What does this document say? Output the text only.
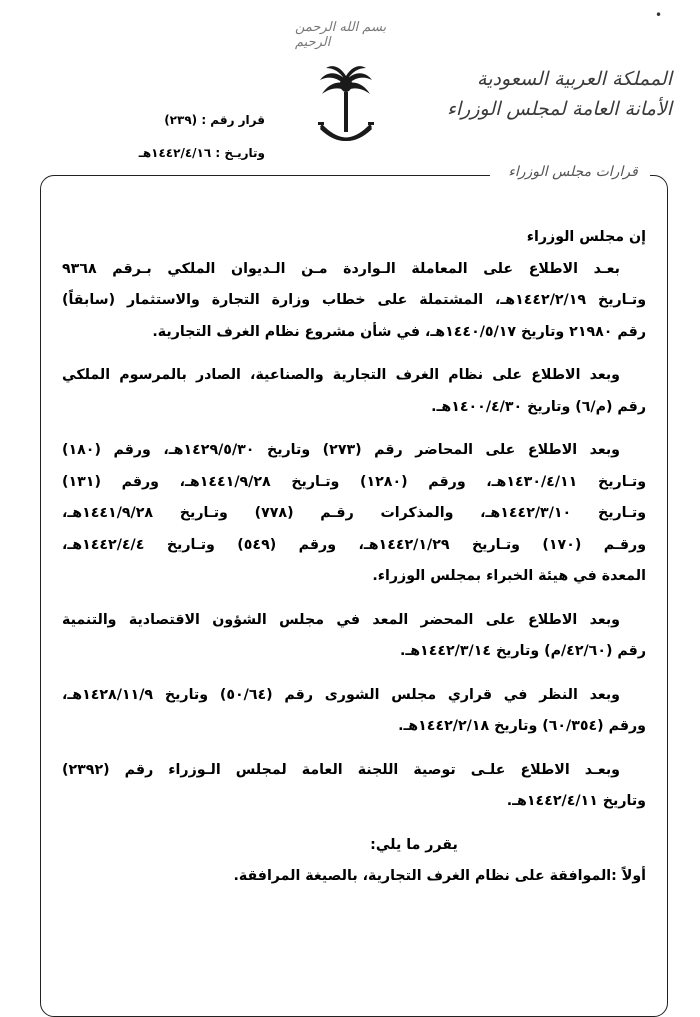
بسم الله الرحمن الرحيم
•
المملكة العربية السعودية
الأمانة العامة لمجلس الوزراء
قرار رقم : (٢٣٩)
وتاريـخ : ١٤٤٢/٤/١٦هـ
قرارات مجلس الوزراء
إن مجلس الوزراء
بعـد الاطلاع على المعاملة الـواردة مـن الـديوان الملكي بـرقم ٩٣٦٨
وتـاريخ ١٤٤٢/٢/١٩هـ، المشتملة على خطاب وزارة التجارة والاستثمار (سابقاً)
رقم ٢١٩٨٠ وتاريخ ١٤٤٠/٥/١٧هـ، في شأن مشروع نظام الغرف التجارية.
وبعد الاطلاع على نظام الغرف التجارية والصناعية، الصادر بالمرسوم الملكي
رقم (م/٦) وتاريخ ١٤٠٠/٤/٣٠هـ.
وبعد الاطلاع على المحاضر رقم (٢٧٣) وتاريخ ١٤٢٩/٥/٣٠هـ، ورقم (١٨٠)
وتـاريخ ١٤٣٠/٤/١١هـ، ورقم (١٢٨٠) وتـاريخ ١٤٤١/٩/٢٨هـ، ورقم (١٣١)
وتـاريخ ١٤٤٢/٣/١٠هـ، والمذكرات رقـم (٧٧٨) وتـاريخ ١٤٤١/٩/٢٨هـ،
ورقـم (١٧٠) وتـاريخ ١٤٤٢/١/٢٩هـ، ورقم (٥٤٩) وتـاريخ ١٤٤٢/٤/٤هـ،
المعدة في هيئة الخبراء بمجلس الوزراء.
وبعد الاطلاع على المحضر المعد في مجلس الشؤون الاقتصادية والتنمية
رقم (٤٢/٦٠/م) وتاريخ ١٤٤٢/٣/١٤هـ.
وبعد النظر في قراري مجلس الشورى رقم (٥٠/٦٤) وتاريخ ١٤٢٨/١١/٩هـ،
ورقم (٦٠/٣٥٤) وتاريخ ١٤٤٢/٢/١٨هـ.
وبعـد الاطلاع علـى توصية اللجنة العامة لمجلس الـوزراء رقم (٢٣٩٢)
وتاريخ ١٤٤٢/٤/١١هـ.
يقرر ما يلي:
أولاً :الموافقة على نظام الغرف التجارية، بالصيغة المرافقة.
